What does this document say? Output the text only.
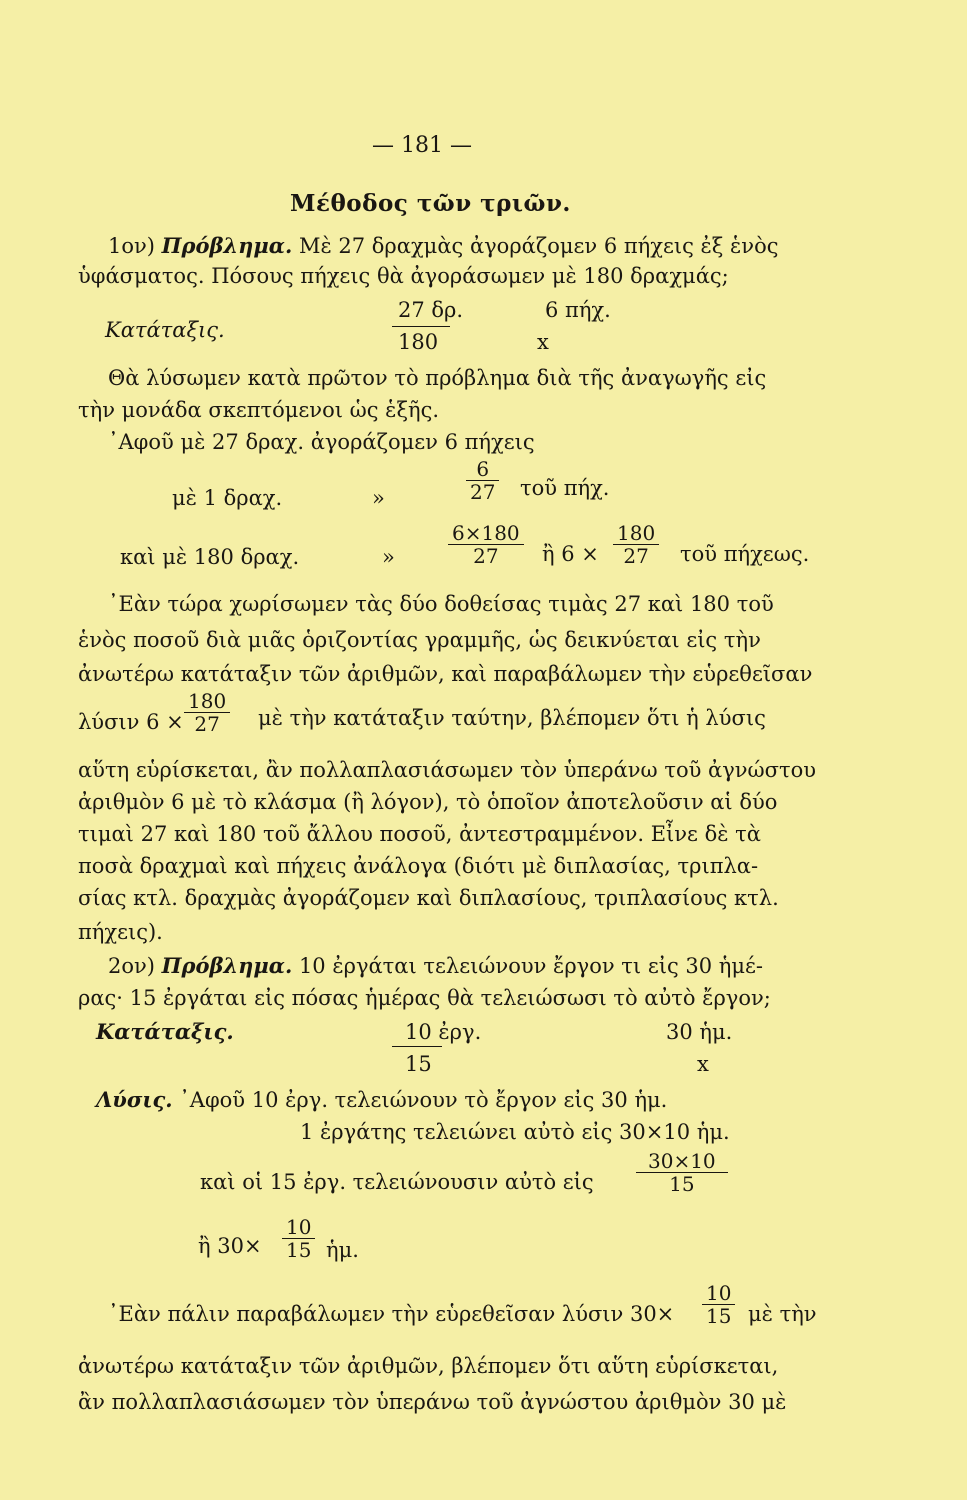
— 181 —
Μέθοδος τῶν τριῶν.
1ον) Πρόβλημα. Μὲ 27 δραχμὰς ἀγοράζομεν 6 πήχεις ἐξ ἑνὸς
ὑφάσματος. Πόσους πήχεις θὰ ἀγοράσωμεν μὲ 180 δραχμάς;
Κατάταξις.
27 δρ.	6 πήχ.
180	x
Θὰ λύσωμεν κατὰ πρῶτον τὸ πρόβλημα διὰ τῆς ἀναγωγῆς εἰς
τὴν μονάδα σκεπτόμενοι ὡς ἑξῆς.
᾿Αφοῦ μὲ 27 δραχ. ἀγοράζομεν 6 πήχεις
μὲ 1 δραχ.	»
6
27 τοῦ πήχ.
καὶ μὲ 180 δραχ.	»
6×180
27 ἢ 6 ×
180
27 τοῦ πήχεως.
᾿Εὰν τώρα χωρίσωμεν τὰς δύο δοθείσας τιμὰς 27 καὶ 180 τοῦ
ἑνὸς ποσοῦ διὰ μιᾶς ὁριζοντίας γραμμῆς, ὡς δεικνύεται εἰς τὴν
ἀνωτέρω κατάταξιν τῶν ἀριθμῶν, καὶ παραβάλωμεν τὴν εὑρεθεῖσαν
λύσιν 6 ×
180
27 μὲ τὴν κατάταξιν ταύτην, βλέπομεν ὅτι ἡ λύσις
αὕτη εὑρίσκεται, ἂν πολλαπλασιάσωμεν τὸν ὑπεράνω τοῦ ἀγνώστου
ἀριθμὸν 6 μὲ τὸ κλάσμα (ἢ λόγον), τὸ ὁποῖον ἀποτελοῦσιν αἱ δύο
τιμαὶ 27 καὶ 180 τοῦ ἄλλου ποσοῦ, ἀντεστραμμένον. Εἶνε δὲ τὰ
ποσὰ δραχμαὶ καὶ πήχεις ἀνάλογα (διότι μὲ διπλασίας, τριπλα-
σίας κτλ. δραχμὰς ἀγοράζομεν καὶ διπλασίους, τριπλασίους κτλ.
πήχεις).
2ον) Πρόβλημα. 10 ἐργάται τελειώνουν ἔργον τι εἰς 30 ἡμέ-
ρας· 15 ἐργάται εἰς πόσας ἡμέρας θὰ τελειώσωσι τὸ αὐτὸ ἔργον;
Κατάταξις.	10 ἐργ.	30 ἡμ.
15	x
Λύσις. ᾿Αφοῦ 10 ἐργ. τελειώνουν τὸ ἔργον εἰς 30 ἡμ.
1 ἐργάτης τελειώνει αὐτὸ εἰς 30×10 ἡμ.
καὶ οἱ 15 ἐργ. τελειώνουσιν αὐτὸ εἰς
30×10
15
ἢ 30×
10
15 ἡμ.
᾿Εὰν πάλιν παραβάλωμεν τὴν εὑρεθεῖσαν λύσιν 30×
10
15 μὲ τὴν
ἀνωτέρω κατάταξιν τῶν ἀριθμῶν, βλέπομεν ὅτι αὕτη εὑρίσκεται,
ἂν πολλαπλασιάσωμεν τὸν ὑπεράνω τοῦ ἀγνώστου ἀριθμὸν 30 μὲ
